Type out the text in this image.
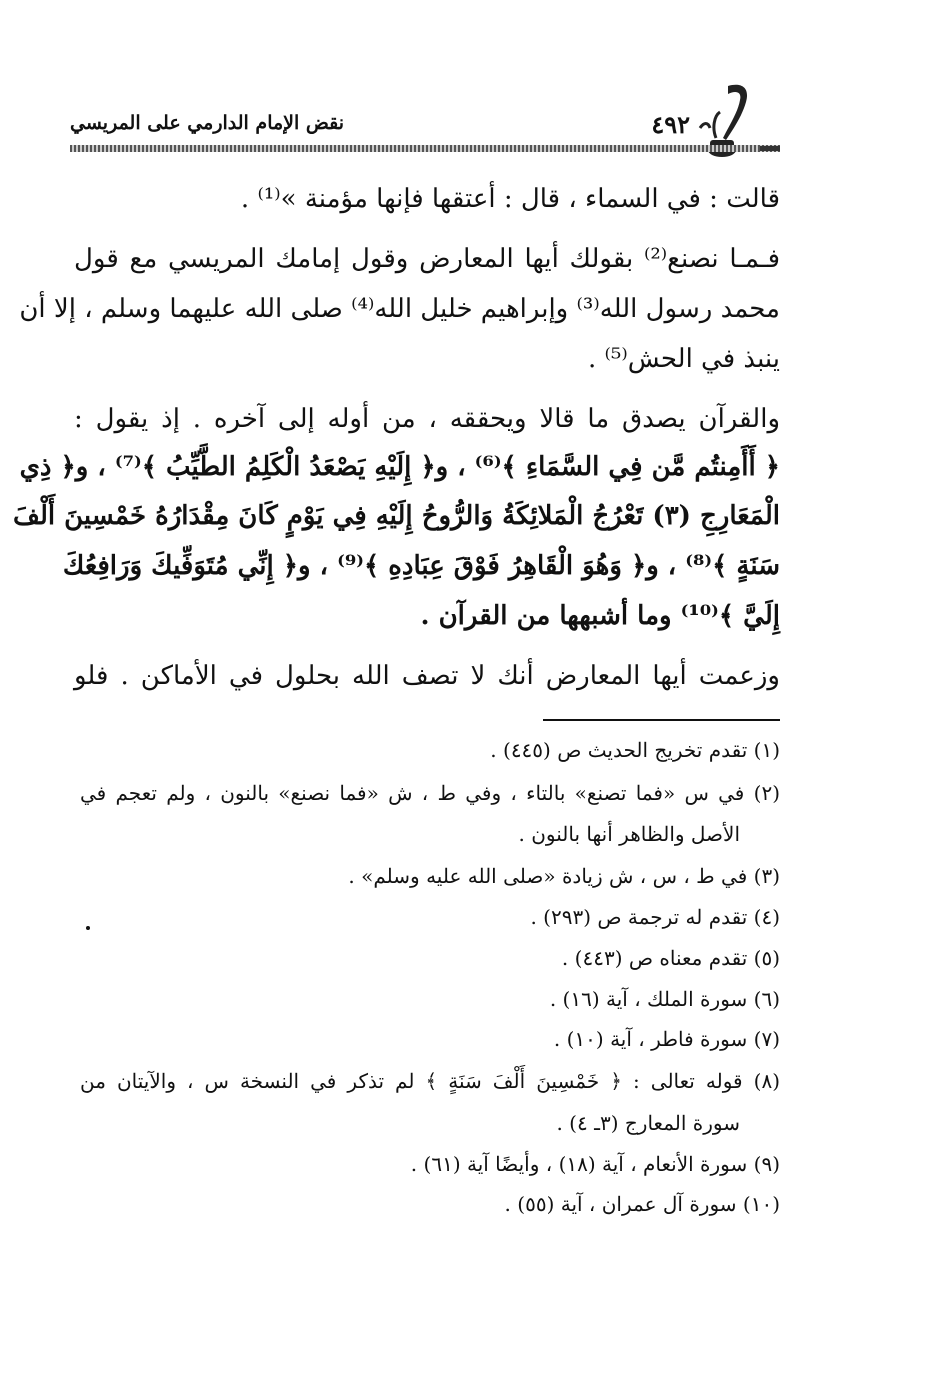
نقض الإمام الدارمي على المريسي	٤٩٢
قالت : في السماء ، قال : أعتقها فإنها مؤمنة »⁽¹⁾ .
فـمـا نصنع⁽²⁾ بقولك أيها المعارض وقول إمامك المريسي مع قول
محمد رسول الله⁽³⁾ وإبراهيم خليل الله⁽⁴⁾ صلى الله عليهما وسلم ، إلا أن
ينبذ في الحش⁽⁵⁾ .
والقرآن يصدق ما قالا ويحققه ، من أوله إلى آخره . إذ يقول :
﴿ أَأَمِنتُم مَّن فِي السَّمَاءِ ﴾⁽⁶⁾ ، و﴿ إِلَيْهِ يَصْعَدُ الْكَلِمُ الطَّيِّبُ ﴾⁽⁷⁾ ، و﴿ ذِي
الْمَعَارِجِ (٣) تَعْرُجُ الْمَلائِكَةُ وَالرُّوحُ إِلَيْهِ فِي يَوْمٍ كَانَ مِقْدَارُهُ خَمْسِينَ أَلْفَ
سَنَةٍ ﴾⁽⁸⁾ ، و﴿ وَهُوَ الْقَاهِرُ فَوْقَ عِبَادِهِ ﴾⁽⁹⁾ ، و﴿ إِنِّي مُتَوَفِّيكَ وَرَافِعُكَ
إِلَيَّ ﴾⁽¹⁰⁾ وما أشبهها من القرآن .
وزعمت أيها المعارض أنك لا تصف الله بحلول في الأماكن . فلو
(١) تقدم تخريج الحديث ص (٤٤٥) .
(٢) في س «فما تصنع» بالتاء ، وفي ط ، ش «فما نصنع» بالنون ، ولم تعجم في
الأصل والظاهر أنها بالنون .
(٣) في ط ، س ، ش زيادة «صلى الله عليه وسلم» .
(٤) تقدم له ترجمة ص (٢٩٣) .
(٥) تقدم معناه ص (٤٤٣) .
(٦) سورة الملك ، آية (١٦) .
(٧) سورة فاطر ، آية (١٠) .
(٨) قوله تعالى : ﴿ خَمْسِينَ أَلْفَ سَنَةٍ ﴾ لم تذكر في النسخة س ، والآيتان من
سورة المعارج (٣ـ ٤) .
(٩) سورة الأنعام ، آية (١٨) ، وأيضًا آية (٦١) .
(١٠) سورة آل عمران ، آية (٥٥) .
